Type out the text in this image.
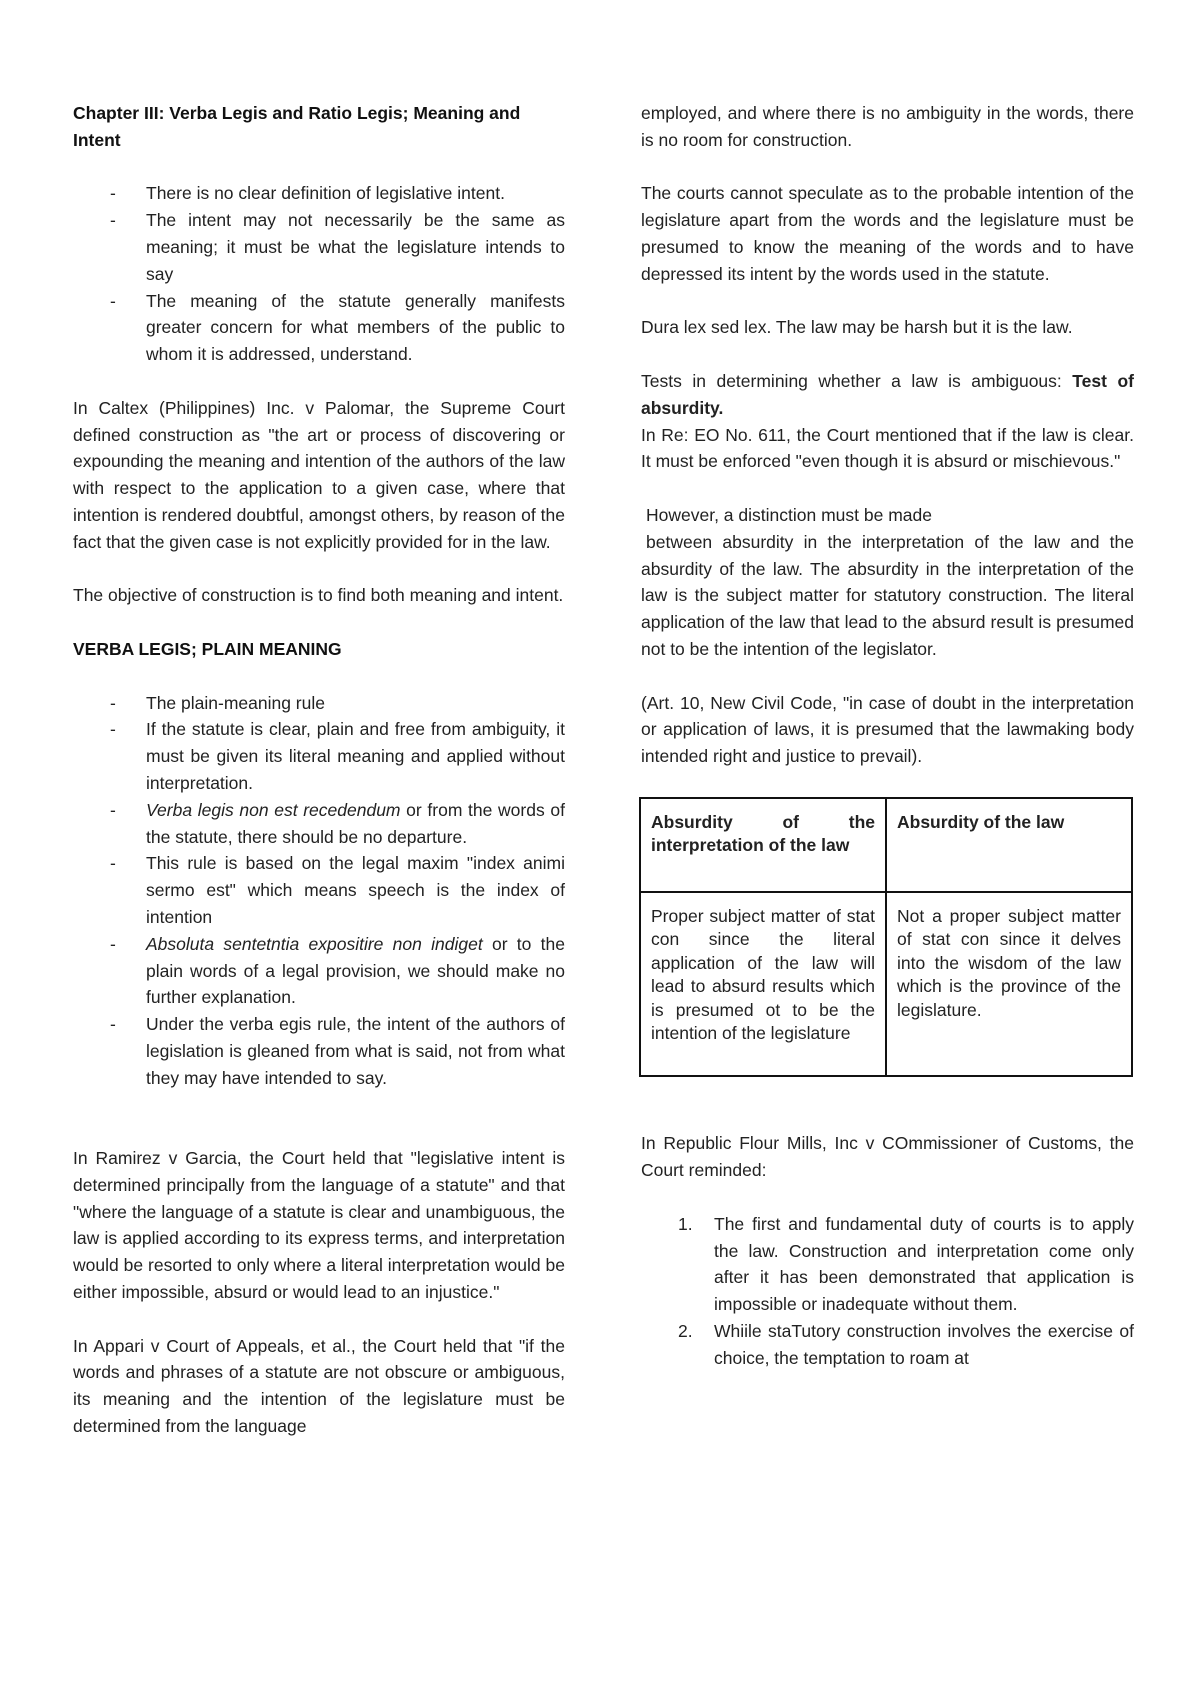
Chapter III: Verba Legis and Ratio Legis; Meaning and Intent
- There is no clear definition of legislative intent.
- The intent may not necessarily be the same as meaning; it must be what the legislature intends to say
- The meaning of the statute generally manifests greater concern for what members of the public to whom it is addressed, understand.

In Caltex (Philippines) Inc. v Palomar, the Supreme Court defined construction as "the art or process of discovering or expounding the meaning and intention of the authors of the law with respect to the application to a given case, where that intention is rendered doubtful, amongst others, by reason of the fact that the given case is not explicitly provided for in the law.

The objective of construction is to find both meaning and intent.

VERBA LEGIS; PLAIN MEANING
- The plain-meaning rule
- If the statute is clear, plain and free from ambiguity, it must be given its literal meaning and applied without interpretation.
- Verba legis non est recedendum or from the words of the statute, there should be no departure.
- This rule is based on the legal maxim "index animi sermo est" which means speech is the index of intention
- Absoluta sentetntia expositire non indiget or to the plain words of a legal provision, we should make no further explanation.
- Under the verba egis rule, the intent of the authors of legislation is gleaned from what is said, not from what they may have intended to say.

In Ramirez v Garcia, the Court held that "legislative intent is determined principally from the language of a statute" and that "where the language of a statute is clear and unambiguous, the law is applied according to its express terms, and interpretation would be resorted to only where a literal interpretation would be either impossible, absurd or would lead to an injustice."

In Appari v Court of Appeals, et al., the Court held that "if the words and phrases of a statute are not obscure or ambiguous, its meaning and the intention of the legislature must be determined from the language

employed, and where there is no ambiguity in the words, there is no room for construction.

The courts cannot speculate as to the probable intention of the legislature apart from the words and the legislature must be presumed to know the meaning of the words and to have depressed its intent by the words used in the statute.

Dura lex sed lex. The law may be harsh but it is the law.

Tests in determining whether a law is ambiguous: Test of absurdity.

In Re: EO No. 611, the Court mentioned that if the law is clear. It must be enforced "even though it is absurd or mischievous."

However, a distinction must be made

between absurdity in the interpretation of the law and the absurdity of the law. The absurdity in the interpretation of the law is the subject matter for statutory construction. The literal application of the law that lead to the absurd result is presumed not to be the intention of the legislator.

(Art. 10, New Civil Code, "in case of doubt in the interpretation or application of laws, it is presumed that the lawmaking body intended right and justice to prevail).

Absurdity of the interpretation of the law	Absurdity of the law
Proper subject matter of stat con since the literal application of the law will lead to absurd results which is presumed ot to be the intention of the legislature	Not a proper subject matter of stat con since it delves into the wisdom of the law which is the province of the legislature.

In Republic Flour Mills, Inc v COmmissioner of Customs, the Court reminded:

1. The first and fundamental duty of courts is to apply the law. Construction and interpretation come only after it has been demonstrated that application is impossible or inadequate without them.
2. Whiile staTutory construction involves the exercise of choice, the temptation to roam at
